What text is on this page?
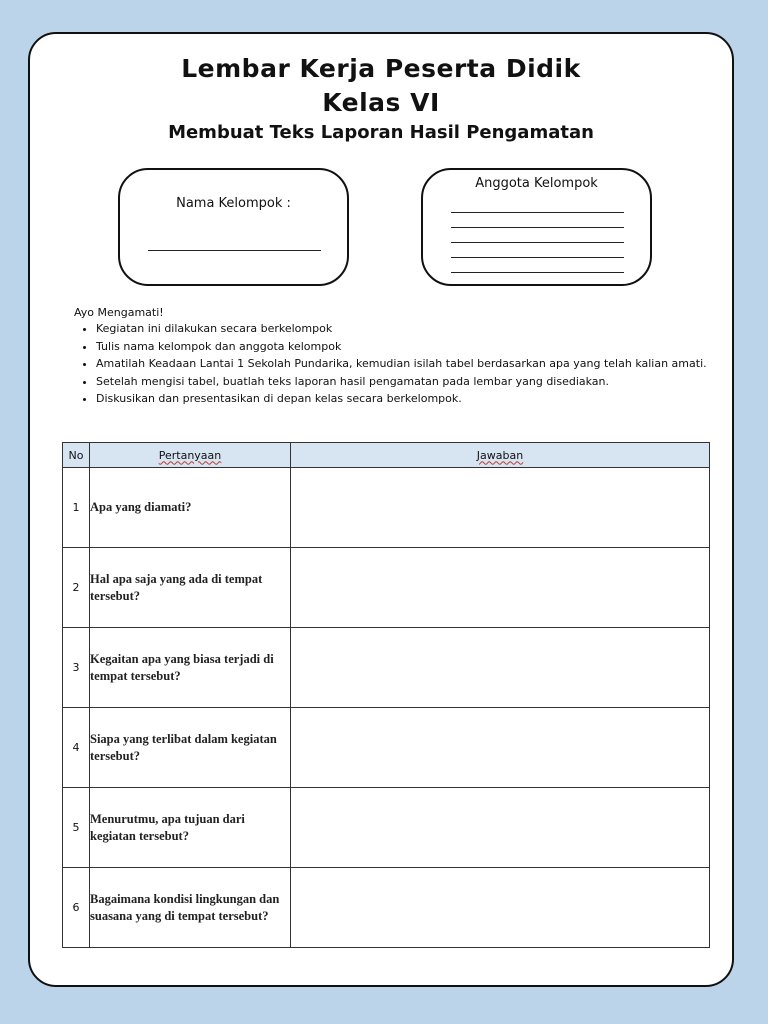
Lembar Kerja Peserta Didik
Kelas VI
Membuat Teks Laporan Hasil Pengamatan
Nama Kelompok :
Anggota Kelompok

Ayo Mengamati!

• Kegiatan ini dilakukan secara berkelompok
• Tulis nama kelompok dan anggota kelompok
• Amatilah Keadaan Lantai 1 Sekolah Pundarika, kemudian isilah tabel berdasarkan apa yang telah kalian amati.
• Setelah mengisi tabel, buatlah teks laporan hasil pengamatan pada lembar yang disediakan.
• Diskusikan dan presentasikan di depan kelas secara berkelompok.
No	Pertanyaan	Jawaban
1	Apa yang diamati?	
2	Hal apa saja yang ada di tempat tersebut?	
3	Kegaitan apa yang biasa terjadi di tempat tersebut?	
4	Siapa yang terlibat dalam kegiatan tersebut?	
5	Menurutmu, apa tujuan dari kegiatan tersebut?	
6	Bagaimana kondisi lingkungan dan suasana yang di tempat tersebut?	
